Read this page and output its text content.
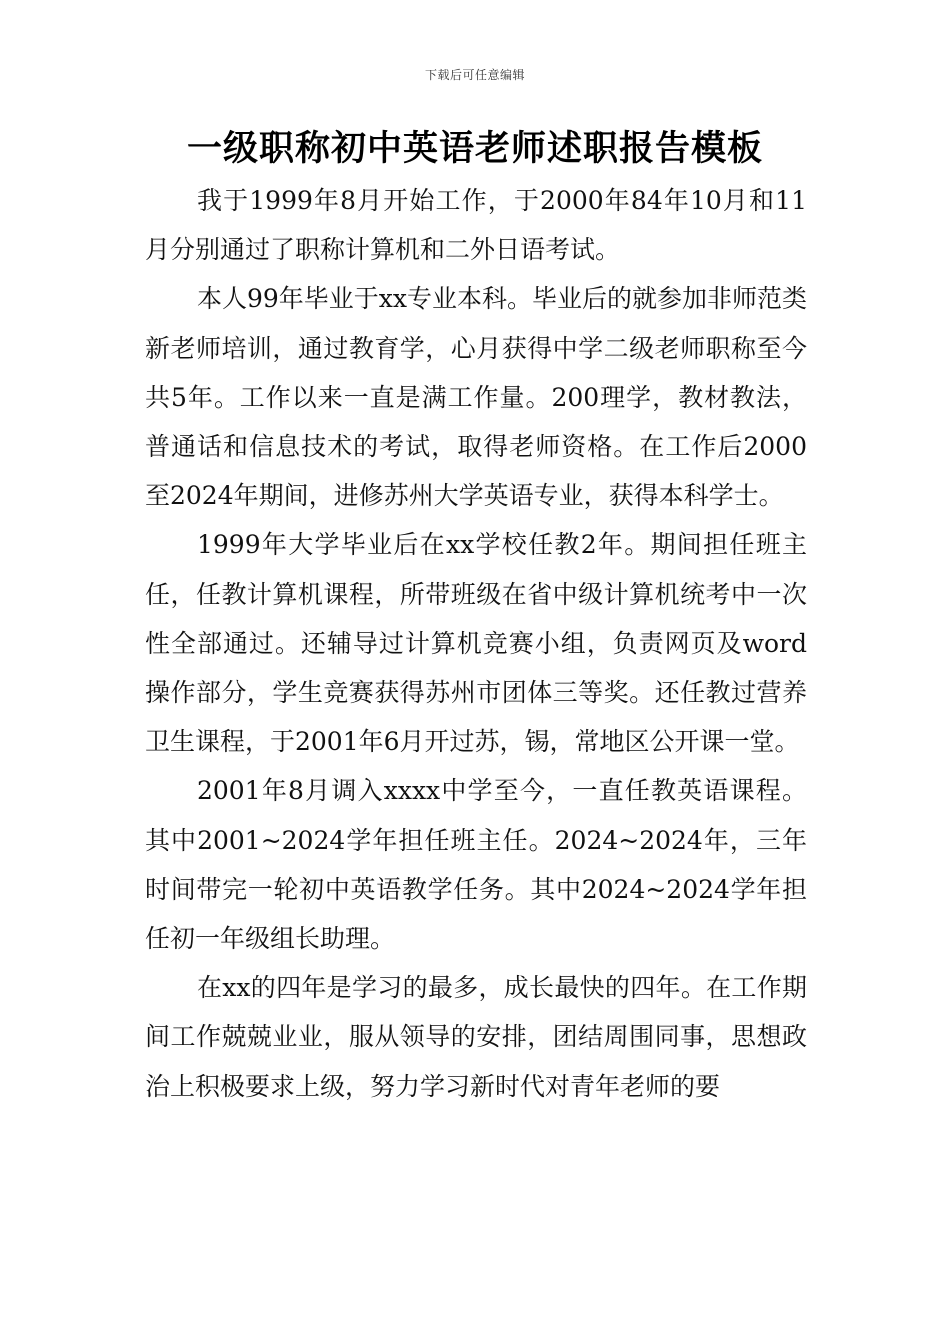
下载后可任意编辑
一级职称初中英语老师述职报告模板

我于1999年8月开始工作，于2000年84年10月和11月分别通过了职称计算机和二外日语考试。

本人99年毕业于xx专业本科。毕业后的就参加非师范类新老师培训，通过教育学，心月获得中学二级老师职称至今共5年。工作以来一直是满工作量。200理学，教材教法，普通话和信息技术的考试，取得老师资格。在工作后2000至2024年期间，进修苏州大学英语专业，获得本科学士。

1999年大学毕业后在xx学校任教2年。期间担任班主任，任教计算机课程，所带班级在省中级计算机统考中一次性全部通过。还辅导过计算机竞赛小组，负责网页及word操作部分，学生竞赛获得苏州市团体三等奖。还任教过营养卫生课程，于2001年6月开过苏，锡，常地区公开课一堂。

2001年8月调入xxxx中学至今，一直任教英语课程。其中2001~2024学年担任班主任。2024~2024年，三年时间带完一轮初中英语教学任务。其中2024~2024学年担任初一年级组长助理。

在xx的四年是学习的最多，成长最快的四年。在工作期间工作兢兢业业，服从领导的安排，团结周围同事，思想政治上积极要求上级，努力学习新时代对青年老师的要
